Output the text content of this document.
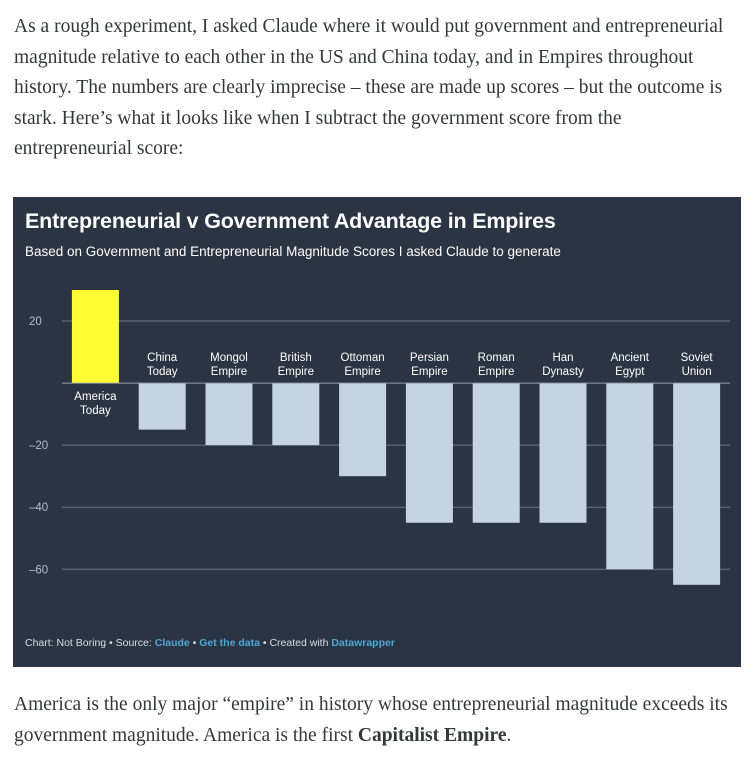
As a rough experiment, I asked Claude where it would put government and entrepreneurial magnitude relative to each other in the US and China today, and in Empires throughout history. The numbers are clearly imprecise – these are made up scores – but the outcome is stark. Here’s what it looks like when I subtract the government score from the entrepreneurial score:

20
–20
–40
–60
America Today
China Today
Mongol Empire
British Empire
Ottoman Empire
Persian Empire
Roman Empire
Han Dynasty
Ancient Egypt
Soviet Union
Entrepreneurial v Government Advantage in Empires

Based on Government and Entrepreneurial Magnitude Scores I asked Claude to generate

Chart: Not Boring • Source: Claude • Get the data • Created with Datawrapper

America is the only major “empire” in history whose entrepreneurial magnitude exceeds its government magnitude. America is the first Capitalist Empire.
